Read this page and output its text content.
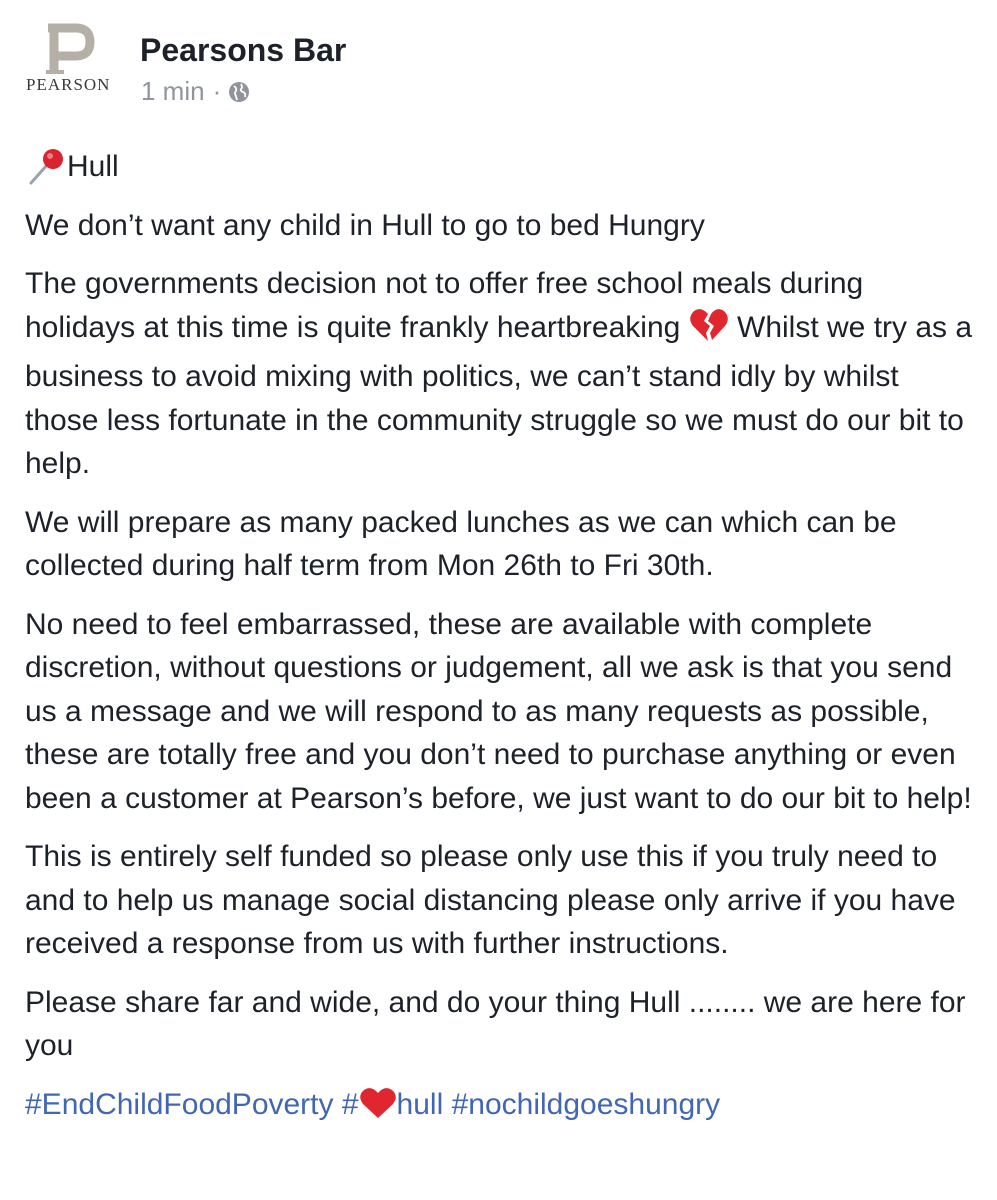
PEARSON
Pearsons Bar
1 min ·

Hull

We don’t want any child in Hull to go to bed Hungry

The governments decision not to offer free school meals during holidays at this time is quite frankly heartbreaking Whilst we try as a business to avoid mixing with politics, we can’t stand idly by whilst those less fortunate in the community struggle so we must do our bit to help.

We will prepare as many packed lunches as we can which can be collected during half term from Mon 26th to Fri 30th.

No need to feel embarrassed, these are available with complete discretion, without questions or judgement, all we ask is that you send us a message and we will respond to as many requests as possible, these are totally free and you don’t need to purchase anything or even been a customer at Pearson’s before, we just want to do our bit to help!

This is entirely self funded so please only use this if you truly need to and to help us manage social distancing please only arrive if you have received a response from us with further instructions.

Please share far and wide, and do your thing Hull ........ we are here for you

#EndChildFoodPoverty # hull #nochildgoeshungry
